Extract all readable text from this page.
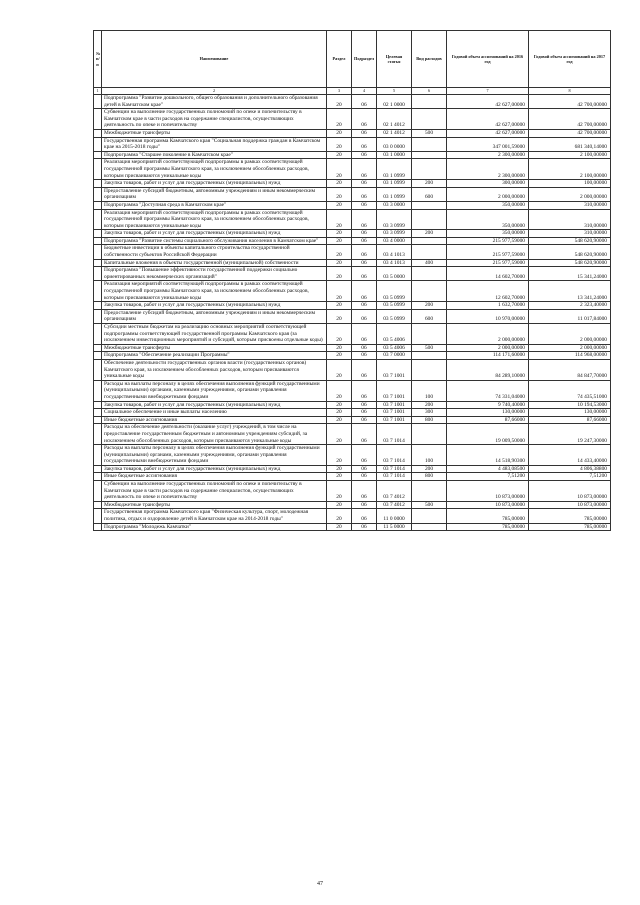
№ п/п	Наименование	Раздел	Подраздел	Целевая статья	Вид расходов	Годовой объем ассигнований на 2016 год	Годовой объем ассигнований на 2017 год
1	2	3	4	5	6	7	8
	Подпрограмма "Развитие дошкольного, общего образования и дополнительного образования детей в Камчатском крае"	20	06	02 1 0000		42 627,00000	42 700,00000
	Субвенции на выполнение государственных полномочий по опеке и попечительству в Камчатском крае в части расходов на содержание специалистов, осуществляющих деятельность по опеке и попечительству	20	06	02 1 4012		42 627,00000	42 700,00000
	Межбюджетные трансферты	20	06	02 1 4012	500	42 627,00000	42 700,00000
	Государственная программа Камчатского края "Социальная поддержка граждан в Камчатском крае на 2015-2018 годы"	20	06	03 0 0000		347 001,59000	681 340,14000
	Подпрограмма "Старшее поколение в Камчатском крае"	20	06	03 1 0000		2 300,00000	2 100,00000
	Реализация мероприятий соответствующей подпрограммы в рамках соответствующей государственной программы Камчатского края, за исключением обособленных расходов, которым присваиваются уникальные коды	20	06	03 1 0999		2 300,00000	2 100,00000
	Закупка товаров, работ и услуг для государственных (муниципальных) нужд	20	06	03 1 0999	200	300,00000	100,00000
	Предоставление субсидий бюджетным, автономным учреждениям и иным некоммерческим организациям	20	06	03 1 0999	600	2 000,00000	2 000,00000
	Подпрограмма "Доступная среда в Камчатском крае"	20	06	03 3 0000		350,00000	310,00000
	Реализация мероприятий соответствующей подпрограммы в рамках соответствующей государственной программы Камчатского края, за исключением обособленных расходов, которым присваиваются уникальные коды	20	06	03 3 0999		350,00000	310,00000
	Закупка товаров, работ и услуг для государственных (муниципальных) нужд	20	06	03 3 0999	200	350,00000	310,00000
	Подпрограмма "Развитие системы социального обслуживания населения в Камчатском крае"	20	06	03 4 0000		215 977,59000	548 620,90000
	Бюджетные инвестиции в объекты капитального строительства государственной собственности субъектов Российской Федерации	20	06	03 4 1013		215 977,59000	548 620,90000
	Капитальные вложения в объекты государственной (муниципальной) собственности	20	06	03 4 1013	400	215 977,59000	548 620,90000
	Подпрограмма "Повышение эффективности государственной поддержки социально ориентированных некоммерческих организаций"	20	06	03 5 0000		14 602,70000	15 341,24000
	Реализация мероприятий соответствующей подпрограммы в рамках соответствующей государственной программы Камчатского края, за исключением обособленных расходов, которым присваиваются уникальные коды	20	06	03 5 0999		12 602,70000	13 341,24000
	Закупка товаров, работ и услуг для государственных (муниципальных) нужд	20	06	03 5 0999	200	1 632,70000	2 323,40000
	Предоставление субсидий бюджетным, автономным учреждениям и иным некоммерческим организациям	20	06	03 5 0999	600	10 970,00000	11 017,84000
	Субсидии местным бюджетам на реализацию основных мероприятий соответствующей подпрограммы соответствующей государственной программы Камчатского края (за исключением инвестиционных мероприятий и субсидий, которым присвоены отдельные коды)	20	06	03 5 4006		2 000,00000	2 000,00000
	Межбюджетные трансферты	20	06	03 5 4006	500	2 000,00000	2 000,00000
	Подпрограмма "Обеспечение реализации Программы"	20	06	03 7 0000		114 171,60000	114 968,00000
	Обеспечение деятельности государственных органов власти (государственных органов) Камчатского края, за исключением обособленных расходов, которым присваиваются уникальные коды	20	06	03 7 1001		84 289,10000	84 847,70000
	Расходы на выплаты персоналу в целях обеспечения выполнения функций государственными (муниципальными) органами, казенными учреждениями, органами управления государственными внебюджетными фондами	20	06	03 7 1001	100	74 331,04000	74 435,51000
	Закупка товаров, работ и услуг для государственных (муниципальных) нужд	20	06	03 7 1001	200	9 740,40000	10 194,53000
	Социальное обеспечение и иные выплаты населению	20	06	03 7 1001	300	130,00000	130,00000
	Иные бюджетные ассигнования	20	06	03 7 1001	800	87,66000	87,66000
	Расходы на обеспечение деятельности (оказание услуг) учреждений, в том числе на предоставление государственным бюджетным и автономным учреждениям субсидий, за исключением обособленных расходов, которым присваиваются уникальные коды	20	06	03 7 1014		19 009,50000	19 247,30000
	Расходы на выплаты персоналу в целях обеспечения выполнения функций государственными (муниципальными) органами, казенными учреждениями, органами управления государственными внебюджетными фондами	20	06	03 7 1014	100	14 518,90300	14 433,40000
	Закупка товаров, работ и услуг для государственных (муниципальных) нужд	20	06	03 7 1014	200	4 483,08500	4 806,38800
	Иные бюджетные ассигнования	20	06	03 7 1014	800	7,51200	7,51200
	Субвенции на выполнение государственных полномочий по опеке и попечительству в Камчатском крае в части расходов на содержание специалистов, осуществляющих деятельность по опеке и попечительству	20	06	03 7 4012		10 873,00000	10 873,00000
	Межбюджетные трансферты	20	06	03 7 4012	500	10 873,00000	10 873,00000
	Государственная программа Камчатского края "Физическая культура, спорт, молодежная политика, отдых и оздоровление детей в Камчатском крае на 2014-2018 годы"	20	06	11 0 0000		785,00000	785,00000
	Подпрограмма "Молодежь Камчатки"	20	06	11 5 0000		785,00000	785,00000
47
